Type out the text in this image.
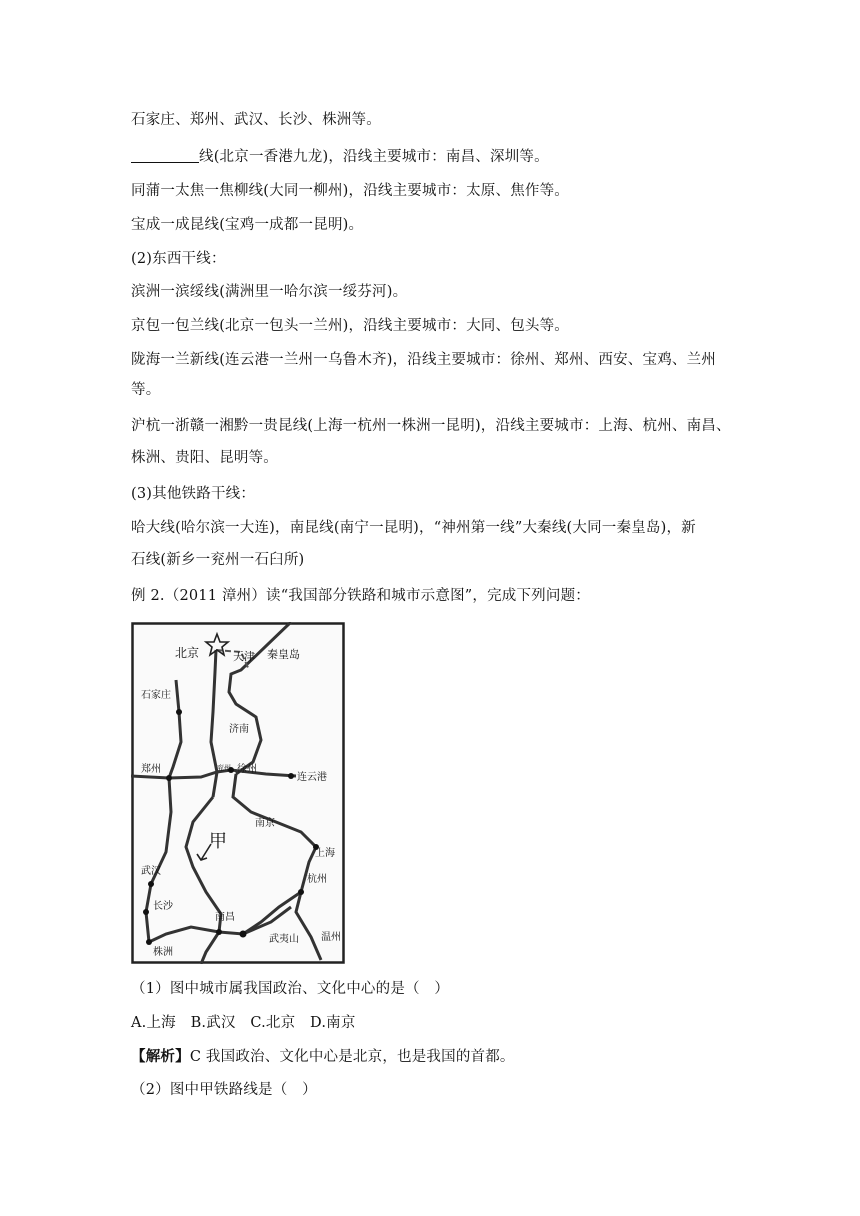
石家庄、郑州、武汉、长沙、株洲等。
线(北京一香港九龙)，沿线主要城市：南昌、深圳等。
同蒲一太焦一焦柳线(大同一柳州)，沿线主要城市：太原、焦作等。
宝成一成昆线(宝鸡一成都一昆明)。
(2)东西干线：
滨洲一滨绥线(满洲里一哈尔滨一绥芬河)。
京包一包兰线(北京一包头一兰州)，沿线主要城市：大同、包头等。
陇海一兰新线(连云港一兰州一乌鲁木齐)，沿线主要城市：徐州、郑州、西安、宝鸡、兰州
等。
沪杭一浙赣一湘黔一贵昆线(上海一杭州一株洲一昆明)，沿线主要城市：上海、杭州、南昌、
株洲、贵阳、昆明等。
(3)其他铁路干线：
哈大线(哈尔滨一大连)，南昆线(南宁一昆明)，“神州第一线”大秦线(大同一秦皇岛)，新
石线(新乡一兖州一石臼所)
例 2.（2011 漳州）读“我国部分铁路和城市示意图”，完成下列问题：
北京	天津 秦皇岛
石家庄
济南
郑州	兖州 徐州
连云港
南京
甲
上海
武汉
杭州
长沙
南昌
温州
株洲
武夷山
（1）图中城市属我国政治、文化中心的是（　）
A.上海　B.武汉　C.北京　D.南京
【解析】C 我国政治、文化中心是北京，也是我国的首都。
（2）图中甲铁路线是（　）
